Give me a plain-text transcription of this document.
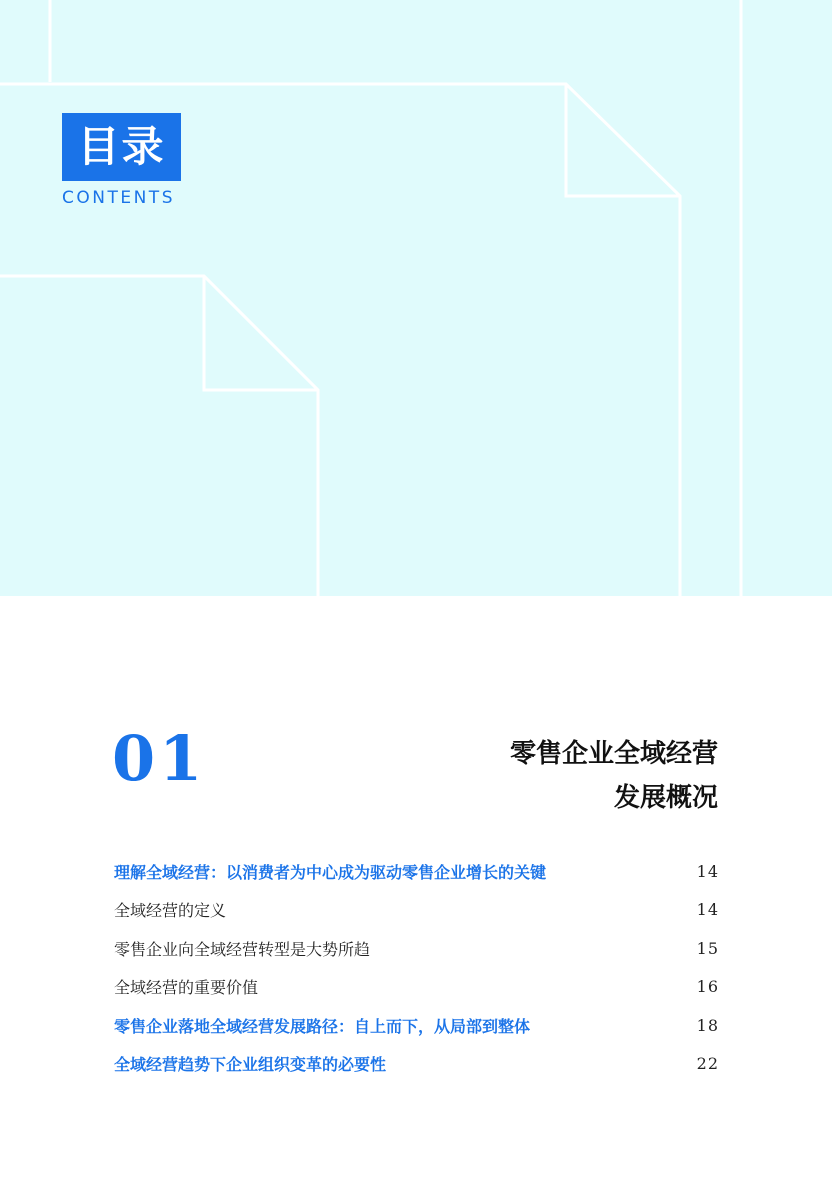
目录
CONTENTS
01	零售企业全域经营
发展概况
理解全域经营：以消费者为中心成为驱动零售企业增长的关键	14
全域经营的定义	14
零售企业向全域经营转型是大势所趋	15
全域经营的重要价值	16
零售企业落地全域经营发展路径：自上而下，从局部到整体	18
全域经营趋势下企业组织变革的必要性	22
